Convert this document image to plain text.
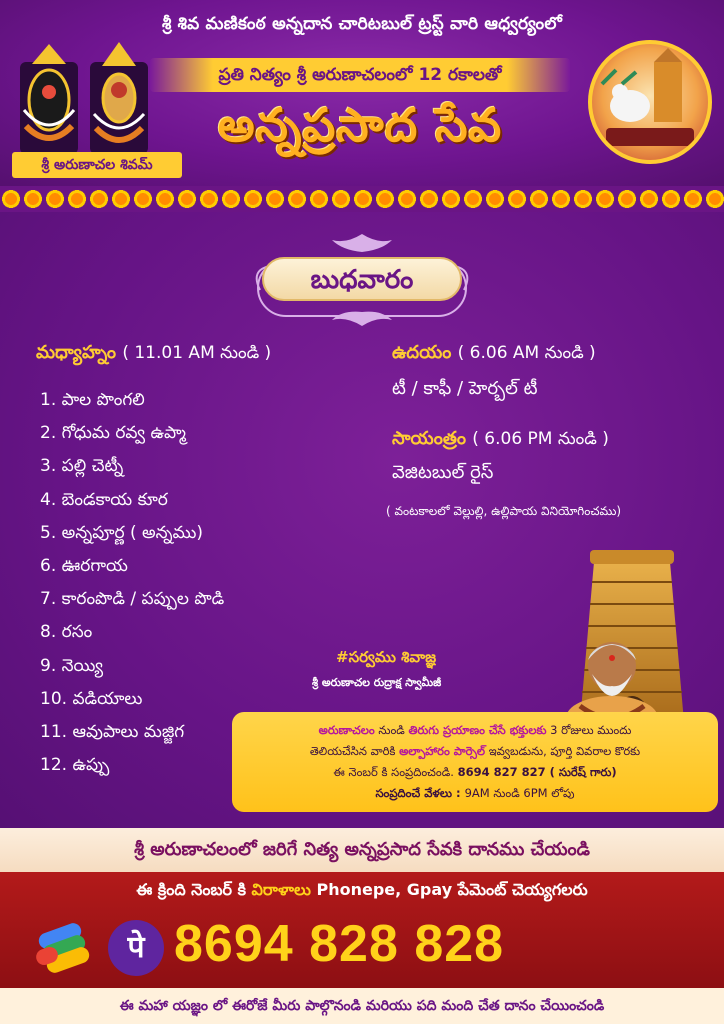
శ్రీ శివ మణికంఠ అన్నదాన చారిటబుల్ ట్రస్ట్ వారి ఆధ్వర్యంలో
శ్రీ అరుణాచల శివమ్
ప్రతి నిత్యం శ్రీ అరుణాచలంలో 12 రకాలతో
అన్నప్రసాద సేవ
బుధవారం
మధ్యాహ్నం ( 11.01 AM నుండి )
1. పాల పొంగలి
2. గోధుమ రవ్వ ఉప్మా
3. పల్లి చెట్నీ
4. బెండకాయ కూర
5. అన్నపూర్ణ ( అన్నము)
6. ఊరగాయ
7. కారంపొడి / పప్పుల పొడి
8. రసం
9. నెయ్యి
10. వడియాలు
11. ఆవుపాలు మజ్జిగ
12. ఉప్పు
ఉదయం ( 6.06 AM నుండి )
టీ / కాఫీ / హెర్బల్ టీ
సాయంత్రం ( 6.06 PM నుండి )
వెజిటబుల్ రైస్
( వంటకాలలో వెల్లుల్లి, ఉల్లిపాయ వినియోగించము)
#సర్వము శివాజ్ఞ
శ్రీ అరుణాచల రుద్రాక్ష స్వామీజీ
అరుణాచలం నుండి తిరుగు ప్రయాణం చేసే భక్తులకు 3 రోజులు ముందు
తెలియచేసిన వారికి అల్పాహారం పార్సెల్ ఇవ్వబడును, పూర్తి వివరాల కొరకు
ఈ నెంబర్ కి సంప్రదించండి. 8694 827 827 ( సురేష్ గారు)
సంప్రదించే వేళలు : 9AM నుండి 6PM లోపు
శ్రీ అరుణాచలంలో జరిగే నిత్య అన్నప్రసాద సేవకి దానము చేయండి
ఈ క్రింది నెంబర్ కి విరాళాలు Phonepe, Gpay పేమెంట్ చెయ్యగలరు
पे 8694 828 828
ఈ మహా యజ్ఞం లో ఈరోజే మీరు పాల్గొనండి మరియు పది మంది చేత దానం చేయించండి
